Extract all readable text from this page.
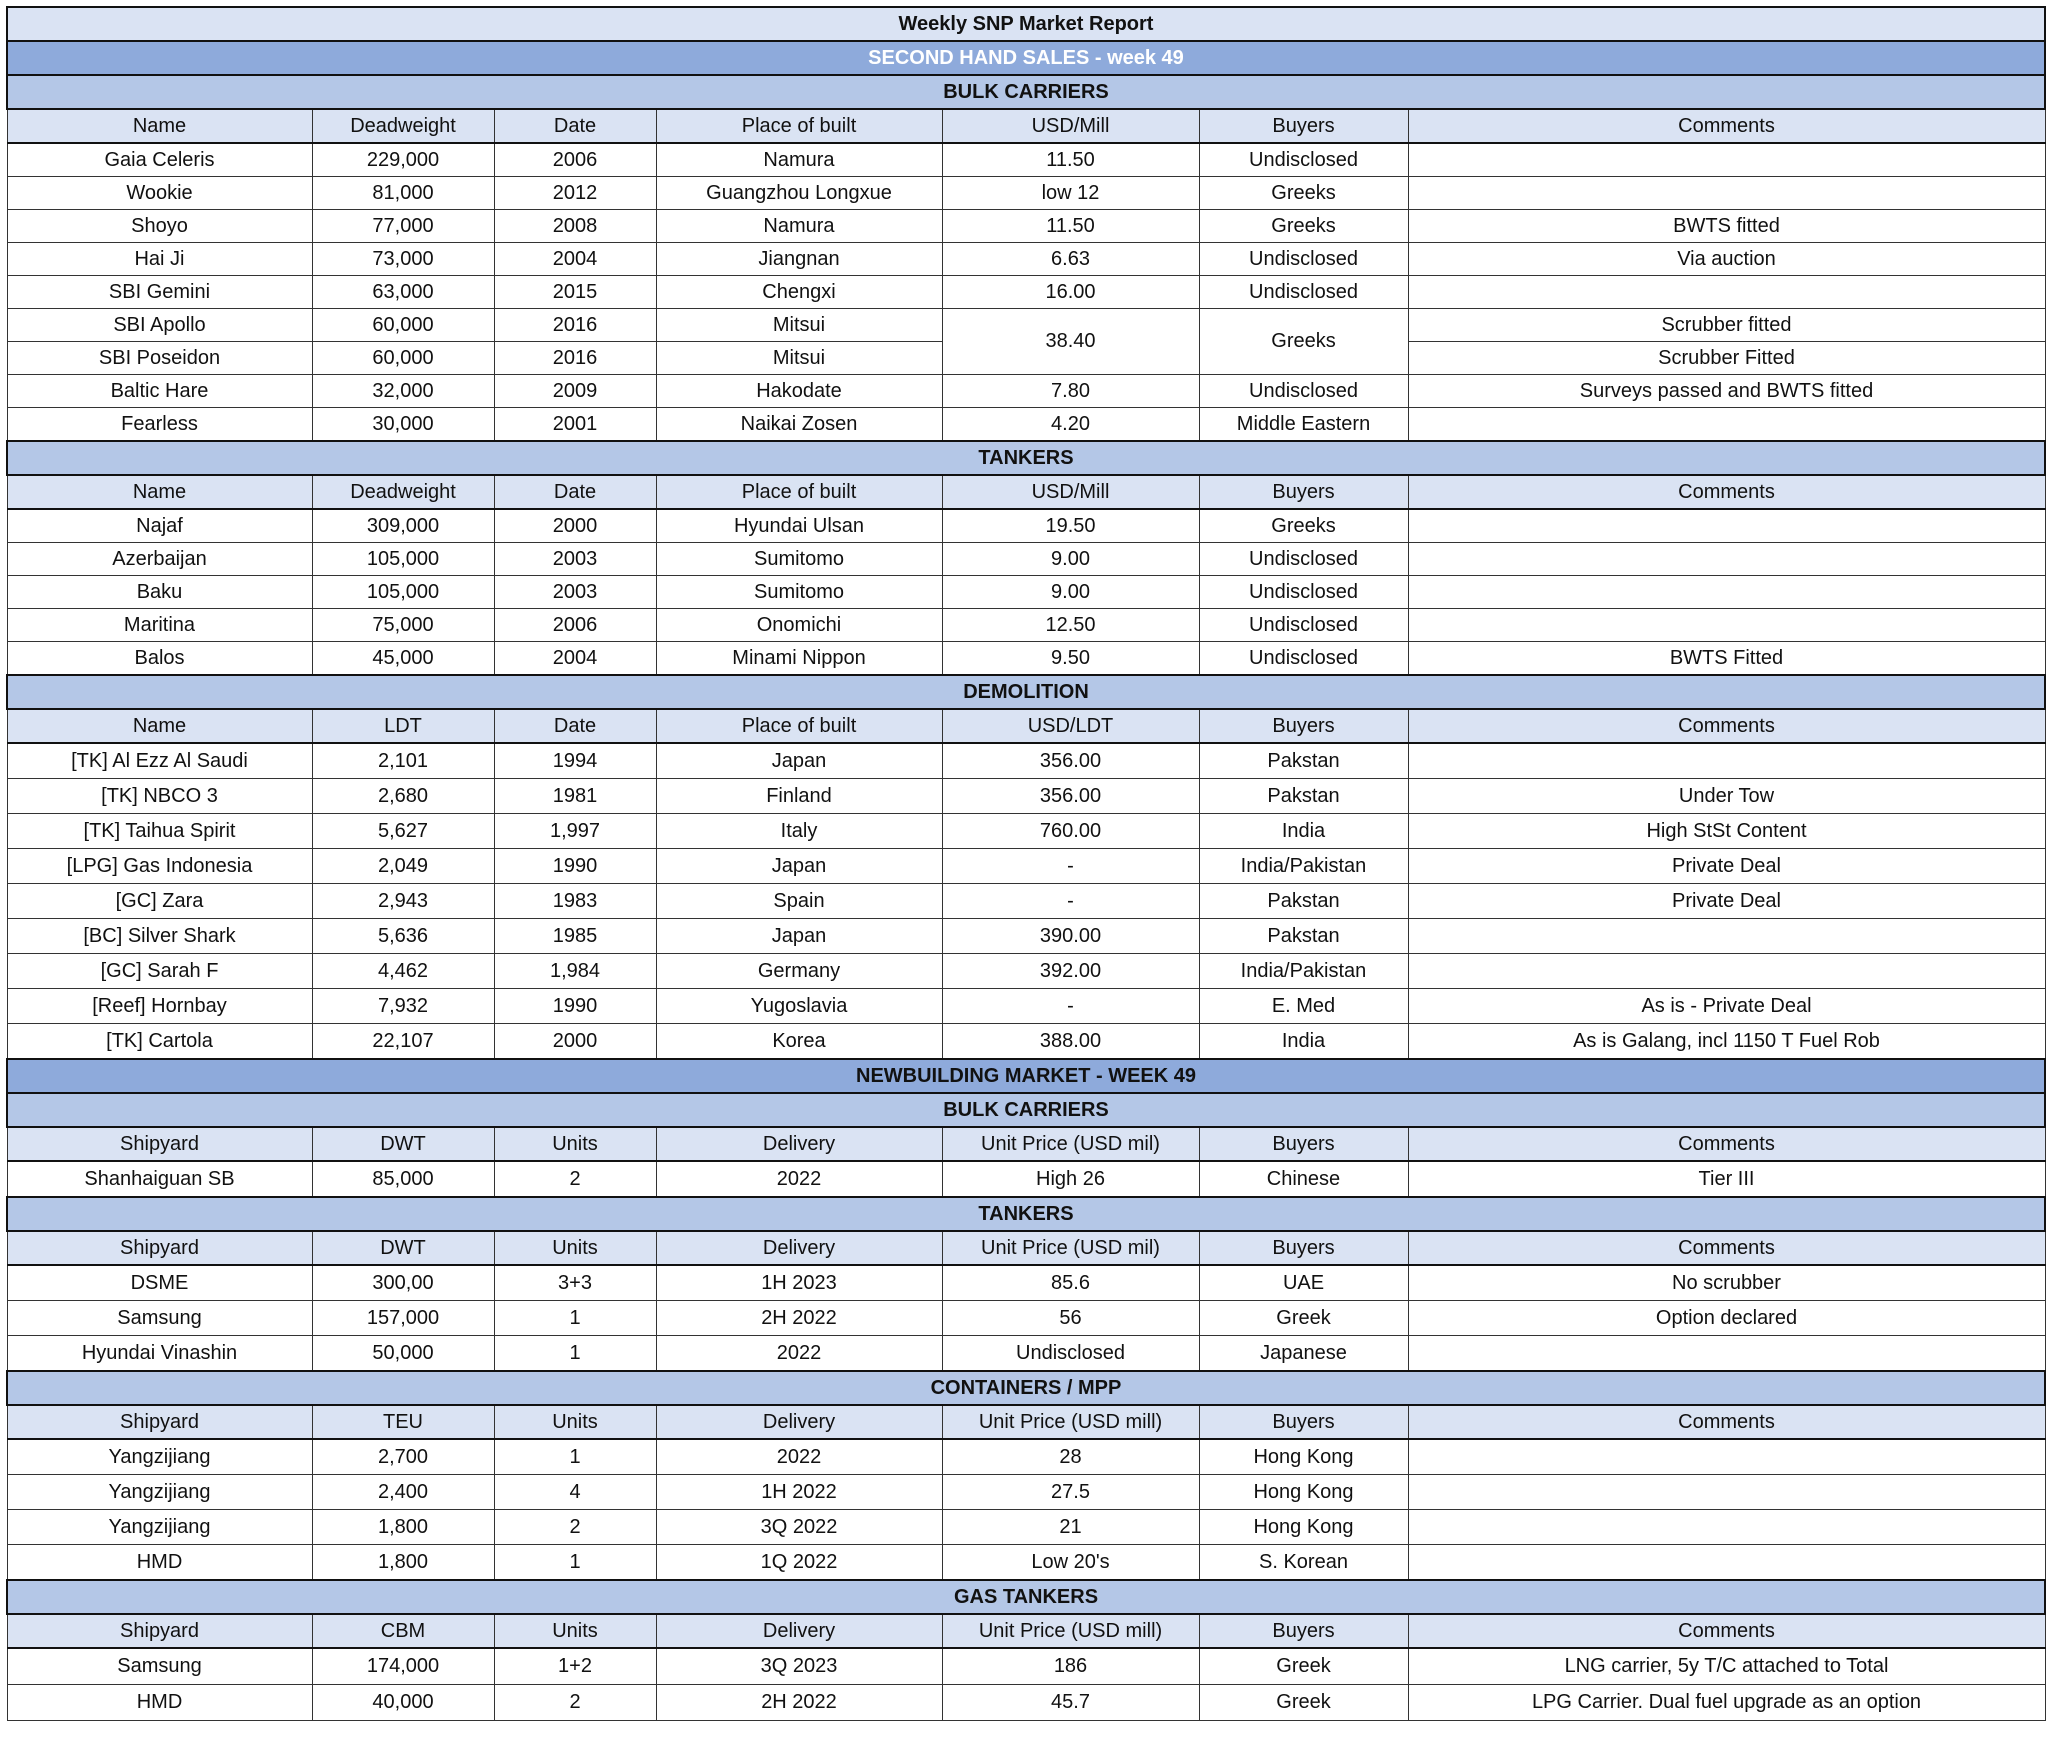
Weekly SNP Market Report						
SECOND HAND SALES - week 49						
BULK CARRIERS						
Name	Deadweight	Date	Place of built	USD/Mill	Buyers	Comments
Gaia Celeris	229,000	2006	Namura	11.50	Undisclosed	
Wookie	81,000	2012	Guangzhou Longxue	low 12	Greeks	
Shoyo	77,000	2008	Namura	11.50	Greeks	BWTS fitted
Hai Ji	73,000	2004	Jiangnan	6.63	Undisclosed	Via auction
SBI Gemini	63,000	2015	Chengxi	16.00	Undisclosed	
SBI Apollo	60,000	2016	Mitsui	38.40	Greeks	Scrubber fitted
SBI Poseidon	60,000	2016	Mitsui			Scrubber Fitted
Baltic Hare	32,000	2009	Hakodate	7.80	Undisclosed	Surveys passed and BWTS fitted
Fearless	30,000	2001	Naikai Zosen	4.20	Middle Eastern	
TANKERS						
Name	Deadweight	Date	Place of built	USD/Mill	Buyers	Comments
Najaf	309,000	2000	Hyundai Ulsan	19.50	Greeks	
Azerbaijan	105,000	2003	Sumitomo	9.00	Undisclosed	
Baku	105,000	2003	Sumitomo	9.00	Undisclosed	
Maritina	75,000	2006	Onomichi	12.50	Undisclosed	
Balos	45,000	2004	Minami Nippon	9.50	Undisclosed	BWTS Fitted
DEMOLITION						
Name	LDT	Date	Place of built	USD/LDT	Buyers	Comments
[TK] Al Ezz Al Saudi	2,101	1994	Japan	356.00	Pakstan	
[TK] NBCO 3	2,680	1981	Finland	356.00	Pakstan	Under Tow
[TK] Taihua Spirit	5,627	1,997	Italy	760.00	India	High StSt Content
[LPG] Gas Indonesia	2,049	1990	Japan	-	India/Pakistan	Private Deal
[GC] Zara	2,943	1983	Spain	-	Pakstan	Private Deal
[BC] Silver Shark	5,636	1985	Japan	390.00	Pakstan	
[GC] Sarah F	4,462	1,984	Germany	392.00	India/Pakistan	
[Reef] Hornbay	7,932	1990	Yugoslavia	-	E. Med	As is - Private Deal
[TK] Cartola	22,107	2000	Korea	388.00	India	As is Galang, incl 1150 T Fuel Rob
NEWBUILDING MARKET - WEEK 49						
BULK CARRIERS						
Shipyard	DWT	Units	Delivery	Unit Price (USD mil)	Buyers	Comments
Shanhaiguan SB	85,000	2	2022	High 26	Chinese	Tier III
TANKERS						
Shipyard	DWT	Units	Delivery	Unit Price (USD mil)	Buyers	Comments
DSME	300,00	3+3	1H 2023	85.6	UAE	No scrubber
Samsung	157,000	1	2H 2022	56	Greek	Option declared
Hyundai Vinashin	50,000	1	2022	Undisclosed	Japanese	
CONTAINERS / MPP						
Shipyard	TEU	Units	Delivery	Unit Price (USD mill)	Buyers	Comments
Yangzijiang	2,700	1	2022	28	Hong Kong	
Yangzijiang	2,400	4	1H 2022	27.5	Hong Kong	
Yangzijiang	1,800	2	3Q 2022	21	Hong Kong	
HMD	1,800	1	1Q 2022	Low 20's	S. Korean	
GAS TANKERS						
Shipyard	CBM	Units	Delivery	Unit Price (USD mill)	Buyers	Comments
Samsung	174,000	1+2	3Q 2023	186	Greek	LNG carrier, 5y T/C attached to Total
HMD	40,000	2	2H 2022	45.7	Greek	LPG Carrier. Dual fuel upgrade as an option
